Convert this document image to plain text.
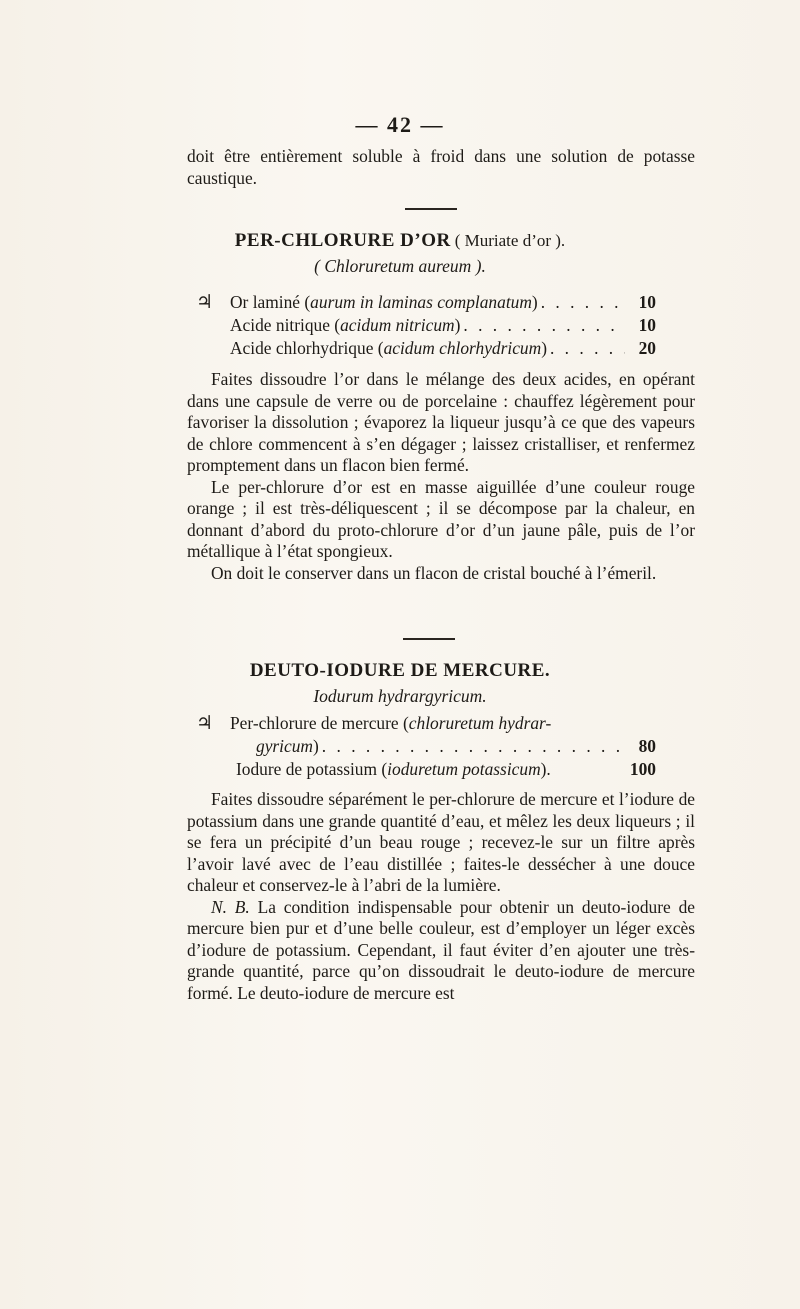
— 42 —

doit être entièrement soluble à froid dans une solution de potasse caustique.

PER-CHLORURE D’OR ( Muriate d’or ).
( Chloruretum aureum ).
♃ Or laminé (aurum in laminas complanatum) . . .	10
Acide nitrique (acidum nitricum) . . .	10
Acide chlorhydrique (acidum chlorhydricum) . . .	20

Faites dissoudre l’or dans le mélange des deux acides, en opérant dans une capsule de verre ou de porcelaine : chauffez légèrement pour favoriser la dissolution ; évaporez la liqueur jusqu’à ce que des vapeurs de chlore commencent à s’en dégager ; laissez cristalliser, et renfermez promptement dans un flacon bien fermé.

Le per-chlorure d’or est en masse aiguillée d’une couleur rouge orange ; il est très-déliquescent ; il se décompose par la chaleur, en donnant d’abord du proto-chlorure d’or d’un jaune pâle, puis de l’or métallique à l’état spongieux.

On doit le conserver dans un flacon de cristal bouché à l’émeril.

DEUTO-IODURE DE MERCURE.
Iodurum hydrargyricum.
♃ Per-chlorure de mercure (chloruretum hydrar-
gyricum) . . .	80
Iodure de potassium (ioduretum potassicum).	100

Faites dissoudre séparément le per-chlorure de mercure et l’iodure de potassium dans une grande quantité d’eau, et mêlez les deux liqueurs ; il se fera un précipité d’un beau rouge ; recevez-le sur un filtre après l’avoir lavé avec de l’eau distillée ; faites-le dessécher à une douce chaleur et conservez-le à l’abri de la lumière.

N. B. La condition indispensable pour obtenir un deuto-iodure de mercure bien pur et d’une belle couleur, est d’employer un léger excès d’iodure de potassium. Cependant, il faut éviter d’en ajouter une très-grande quantité, parce qu’on dissoudrait le deuto-iodure de mercure formé. Le deuto-iodure de mercure est
